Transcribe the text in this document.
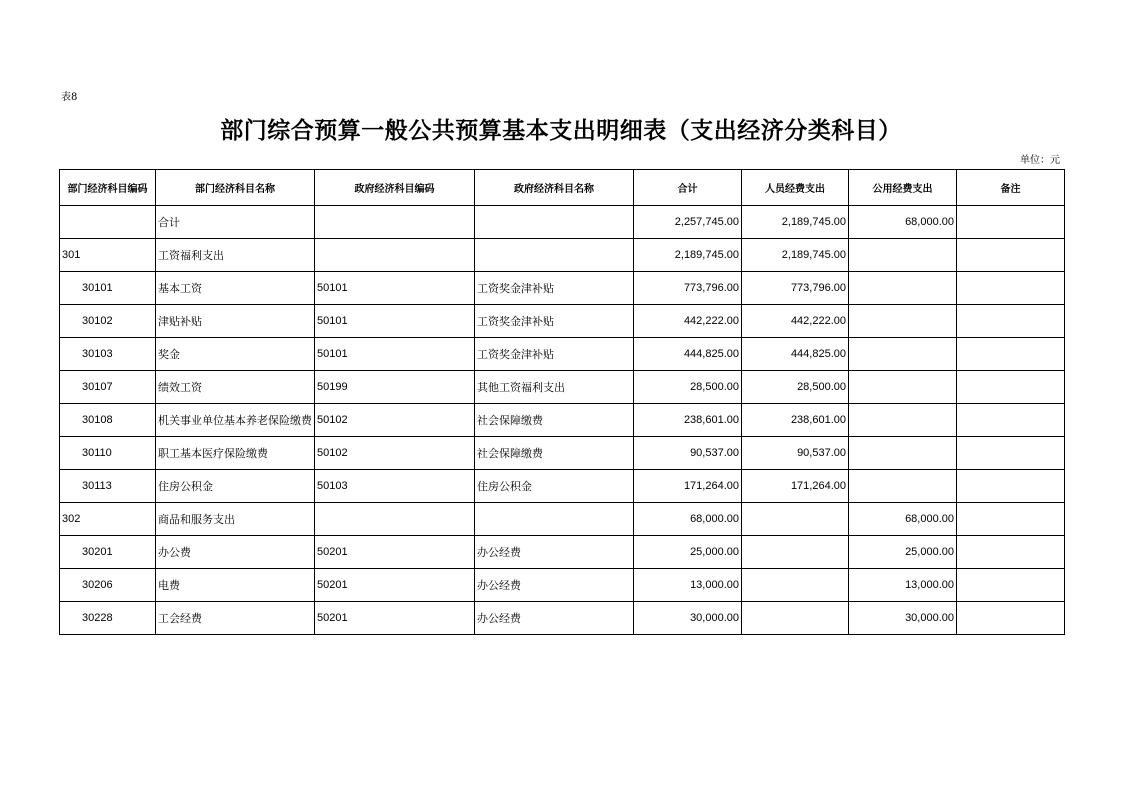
表8
部门综合预算一般公共预算基本支出明细表（支出经济分类科目）
单位：元
部门经济科目编码	部门经济科目名称	政府经济科目编码	政府经济科目名称	合计	人员经费支出	公用经费支出	备注
	合计			2,257,745.00	2,189,745.00	68,000.00	
301	工资福利支出			2,189,745.00	2,189,745.00		
30101	基本工资	50101	工资奖金津补贴	773,796.00	773,796.00		
30102	津贴补贴	50101	工资奖金津补贴	442,222.00	442,222.00		
30103	奖金	50101	工资奖金津补贴	444,825.00	444,825.00		
30107	绩效工资	50199	其他工资福利支出	28,500.00	28,500.00		
30108	机关事业单位基本养老保险缴费	50102	社会保障缴费	238,601.00	238,601.00		
30110	职工基本医疗保险缴费	50102	社会保障缴费	90,537.00	90,537.00		
30113	住房公积金	50103	住房公积金	171,264.00	171,264.00		
302	商品和服务支出			68,000.00		68,000.00	
30201	办公费	50201	办公经费	25,000.00		25,000.00	
30206	电费	50201	办公经费	13,000.00		13,000.00	
30228	工会经费	50201	办公经费	30,000.00		30,000.00	
